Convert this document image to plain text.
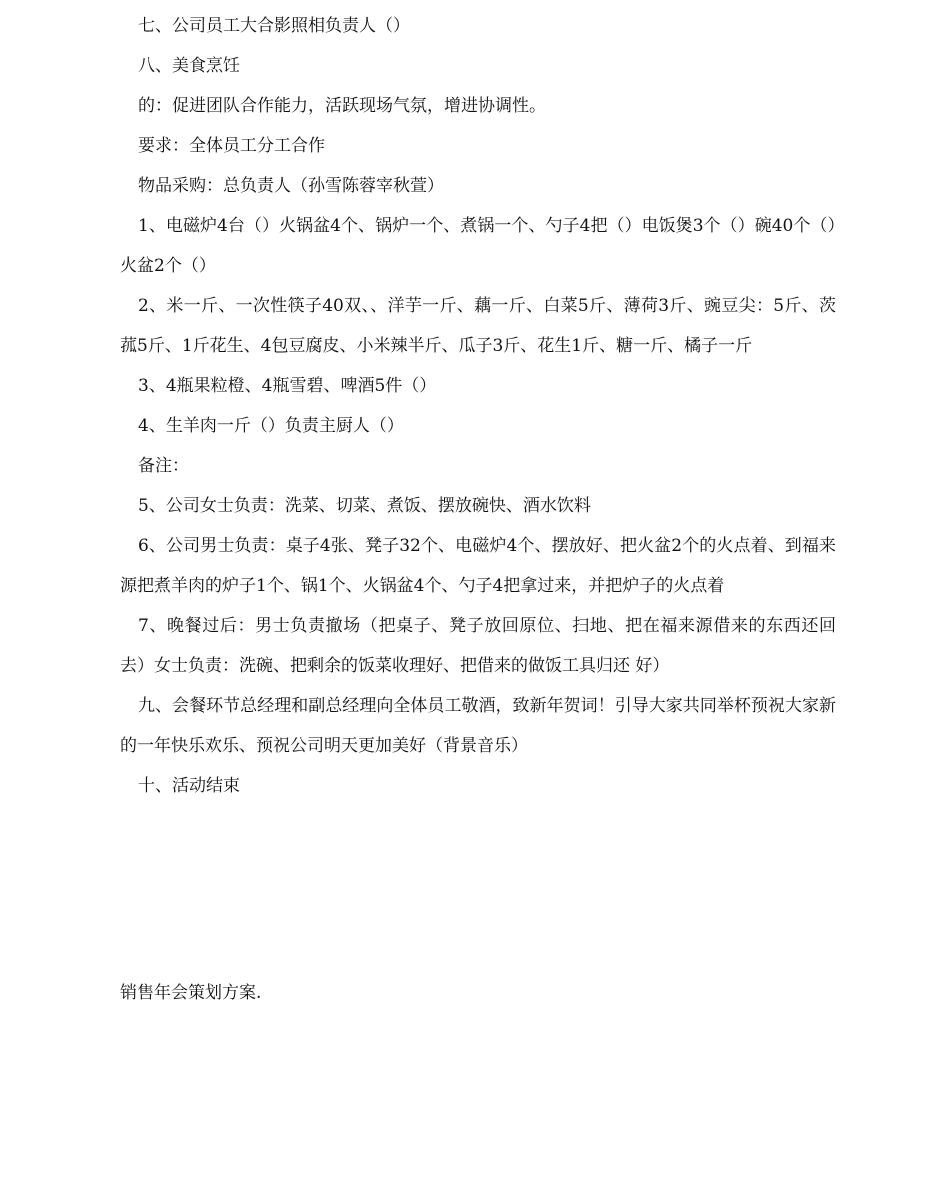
七、公司员工大合影照相负责人（）

八、美食烹饪

的：促进团队合作能力，活跃现场气氛，增进协调性。

要求：全体员工分工合作

物品采购：总负责人（孙雪陈蓉宰秋萱）

1、电磁炉4台（）火锅盆4个、锅炉一个、煮锅一个、勺子4把（）电饭煲3个（）碗40个（）火盆2个（）

2、米一斤、一次性筷子40双、、洋芋一斤、藕一斤、白菜5斤、薄荷3斤、豌豆尖：5斤、茨菰5斤、1斤花生、4包豆腐皮、小米辣半斤、瓜子3斤、花生1斤、糖一斤、橘子一斤

3、4瓶果粒橙、4瓶雪碧、啤酒5件（）

4、生羊肉一斤（）负责主厨人（）

备注：

5、公司女士负责：洗菜、切菜、煮饭、摆放碗快、酒水饮料

6、公司男士负责：桌子4张、凳子32个、电磁炉4个、摆放好、把火盆2个的火点着、到福来源把煮羊肉的炉子1个、锅1个、火锅盆4个、勺子4把拿过来，并把炉子的火点着

7、晚餐过后：男士负责撤场（把桌子、凳子放回原位、扫地、把在福来源借来的东西还回去）女士负责：洗碗、把剩余的饭菜收理好、把借来的做饭工具归还 好）

九、会餐环节总经理和副总经理向全体员工敬酒，致新年贺词！引导大家共同举杯预祝大家新的一年快乐欢乐、预祝公司明天更加美好（背景音乐）

十、活动结束

销售年会策划方案.
